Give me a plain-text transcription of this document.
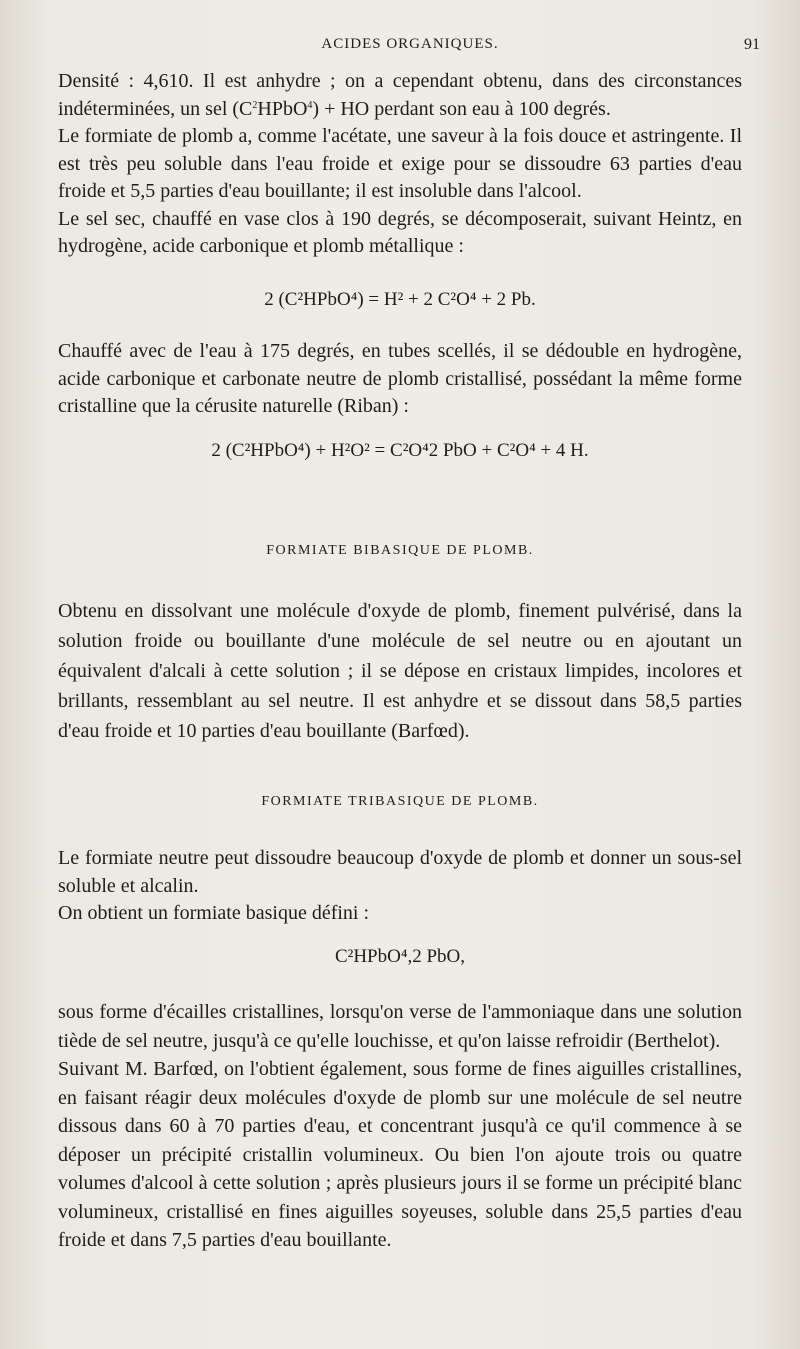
ACIDES ORGANIQUES.	91

Densité : 4,610. Il est anhydre ; on a cependant obtenu, dans des circonstances indéterminées, un sel $(C^2HPbO^4)$ + HO perdant son eau à 100 degrés.

Le formiate de plomb a, comme l'acétate, une saveur à la fois douce et astringente. Il est très peu soluble dans l'eau froide et exige pour se dissoudre 63 parties d'eau froide et 5,5 parties d'eau bouillante; il est insoluble dans l'alcool.

Le sel sec, chauffé en vase clos à 190 degrés, se décomposerait, suivant Heintz, en hydrogène, acide carbonique et plomb métallique :

2 (C²HPbO⁴) = H² + 2 C²O⁴ + 2 Pb.
Chauffé avec de l'eau à 175 degrés, en tubes scellés, il se dédouble en hydrogène, acide carbonique et carbonate neutre de plomb cristallisé, possédant la même forme cristalline que la cérusite naturelle (Riban) :
2 (C²HPbO⁴) + H²O² = C²O⁴2 PbO + C²O⁴ + 4 H.
FORMIATE BIBASIQUE DE PLOMB.
Obtenu en dissolvant une molécule d'oxyde de plomb, finement pulvérisé, dans la solution froide ou bouillante d'une molécule de sel neutre ou en ajoutant un équivalent d'alcali à cette solution ; il se dépose en cristaux limpides, incolores et brillants, ressemblant au sel neutre. Il est anhydre et se dissout dans 58,5 parties d'eau froide et 10 parties d'eau bouillante (Barfœd).
FORMIATE TRIBASIQUE DE PLOMB.

Le formiate neutre peut dissoudre beaucoup d'oxyde de plomb et donner un sous-sel soluble et alcalin.

On obtient un formiate basique défini :

C²HPbO⁴,2 PbO,

sous forme d'écailles cristallines, lorsqu'on verse de l'ammoniaque dans une solution tiède de sel neutre, jusqu'à ce qu'elle louchisse, et qu'on laisse refroidir (Berthelot).

Suivant M. Barfœd, on l'obtient également, sous forme de fines aiguilles cristallines, en faisant réagir deux molécules d'oxyde de plomb sur une molécule de sel neutre dissous dans 60 à 70 parties d'eau, et concentrant jusqu'à ce qu'il commence à se déposer un précipité cristallin volumineux. Ou bien l'on ajoute trois ou quatre volumes d'alcool à cette solution ; après plusieurs jours il se forme un précipité blanc volumineux, cristallisé en fines aiguilles soyeuses, soluble dans 25,5 parties d'eau froide et dans 7,5 parties d'eau bouillante.
